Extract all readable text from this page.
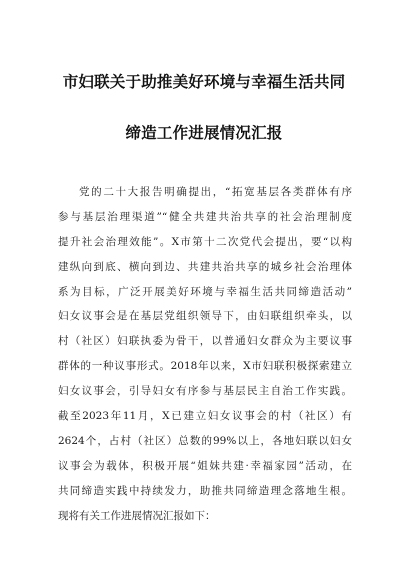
市妇联关于助推美好环境与幸福生活共同
缔造工作进展情况汇报
党的二十大报告明确提出，“拓宽基层各类群体有序
参与基层治理渠道”“健全共建共治共享的社会治理制度
提升社会治理效能”。X市第十二次党代会提出，要“以构
建纵向到底、横向到边、共建共治共享的城乡社会治理体
系为目标，广泛开展美好环境与幸福生活共同缔造活动”
妇女议事会是在基层党组织领导下，由妇联组织牵头，以
村（社区）妇联执委为骨干，以普通妇女群众为主要议事
群体的一种议事形式。2018年以来，X市妇联积极探索建立
妇女议事会，引导妇女有序参与基层民主自治工作实践。
截至2023年11月，X已建立妇女议事会的村（社区）有
2624个，占村（社区）总数的99%以上，各地妇联以妇女
议事会为载体，积极开展“姐妹共建·幸福家园”活动，在
共同缔造实践中持续发力，助推共同缔造理念落地生根。
现将有关工作进展情况汇报如下：
